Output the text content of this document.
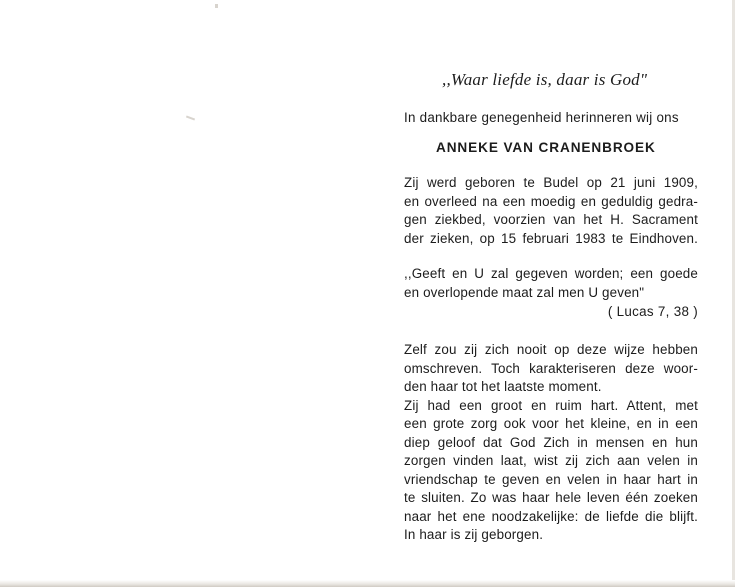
,,Waar liefde is, daar is God"
In dankbare genegenheid herinneren wij ons
ANNEKE VAN CRANENBROEK
Zij werd geboren te Budel op 21 juni 1909,
en overleed na een moedig en geduldig gedra-
gen ziekbed, voorzien van het H. Sacrament
der zieken, op 15 februari 1983 te Eindhoven.
,,Geeft en U zal gegeven worden; een goede
en overlopende maat zal men U geven"
( Lucas 7, 38 )
Zelf zou zij zich nooit op deze wijze hebben
omschreven. Toch karakteriseren deze woor-
den haar tot het laatste moment.
Zij had een groot en ruim hart. Attent, met
een grote zorg ook voor het kleine, en in een
diep geloof dat God Zich in mensen en hun
zorgen vinden laat, wist zij zich aan velen in
vriendschap te geven en velen in haar hart in
te sluiten. Zo was haar hele leven één zoeken
naar het ene noodzakelijke: de liefde die blijft.
In haar is zij geborgen.
